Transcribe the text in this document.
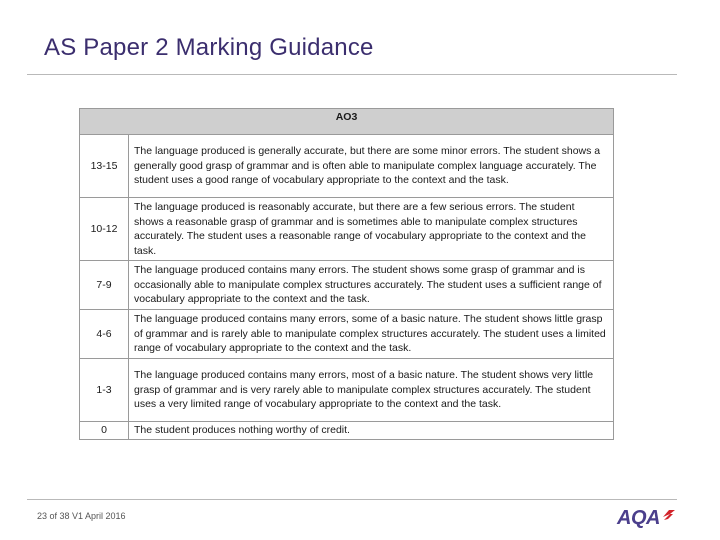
AS Paper 2 Marking Guidance
AO3	
13-15	The language produced is generally accurate, but there are some minor errors. The student shows a generally good grasp of grammar and is often able to manipulate complex language accurately. The student uses a good range of vocabulary appropriate to the context and the task.
10-12	The language produced is reasonably accurate, but there are a few serious errors. The student shows a reasonable grasp of grammar and is sometimes able to manipulate complex structures accurately. The student uses a reasonable range of vocabulary appropriate to the context and the task.
7-9	The language produced contains many errors. The student shows some grasp of grammar and is occasionally able to manipulate complex structures accurately. The student uses a sufficient range of vocabulary appropriate to the context and the task.
4-6	The language produced contains many errors, some of a basic nature. The student shows little grasp of grammar and is rarely able to manipulate complex structures accurately. The student uses a limited range of vocabulary appropriate to the context and the task.
1-3	The language produced contains many errors, most of a basic nature. The student shows very little grasp of grammar and is very rarely able to manipulate complex structures accurately. The student uses a very limited range of vocabulary appropriate to the context and the task.
0	The student produces nothing worthy of credit.
23 of 38 V1 April 2016	AQA
